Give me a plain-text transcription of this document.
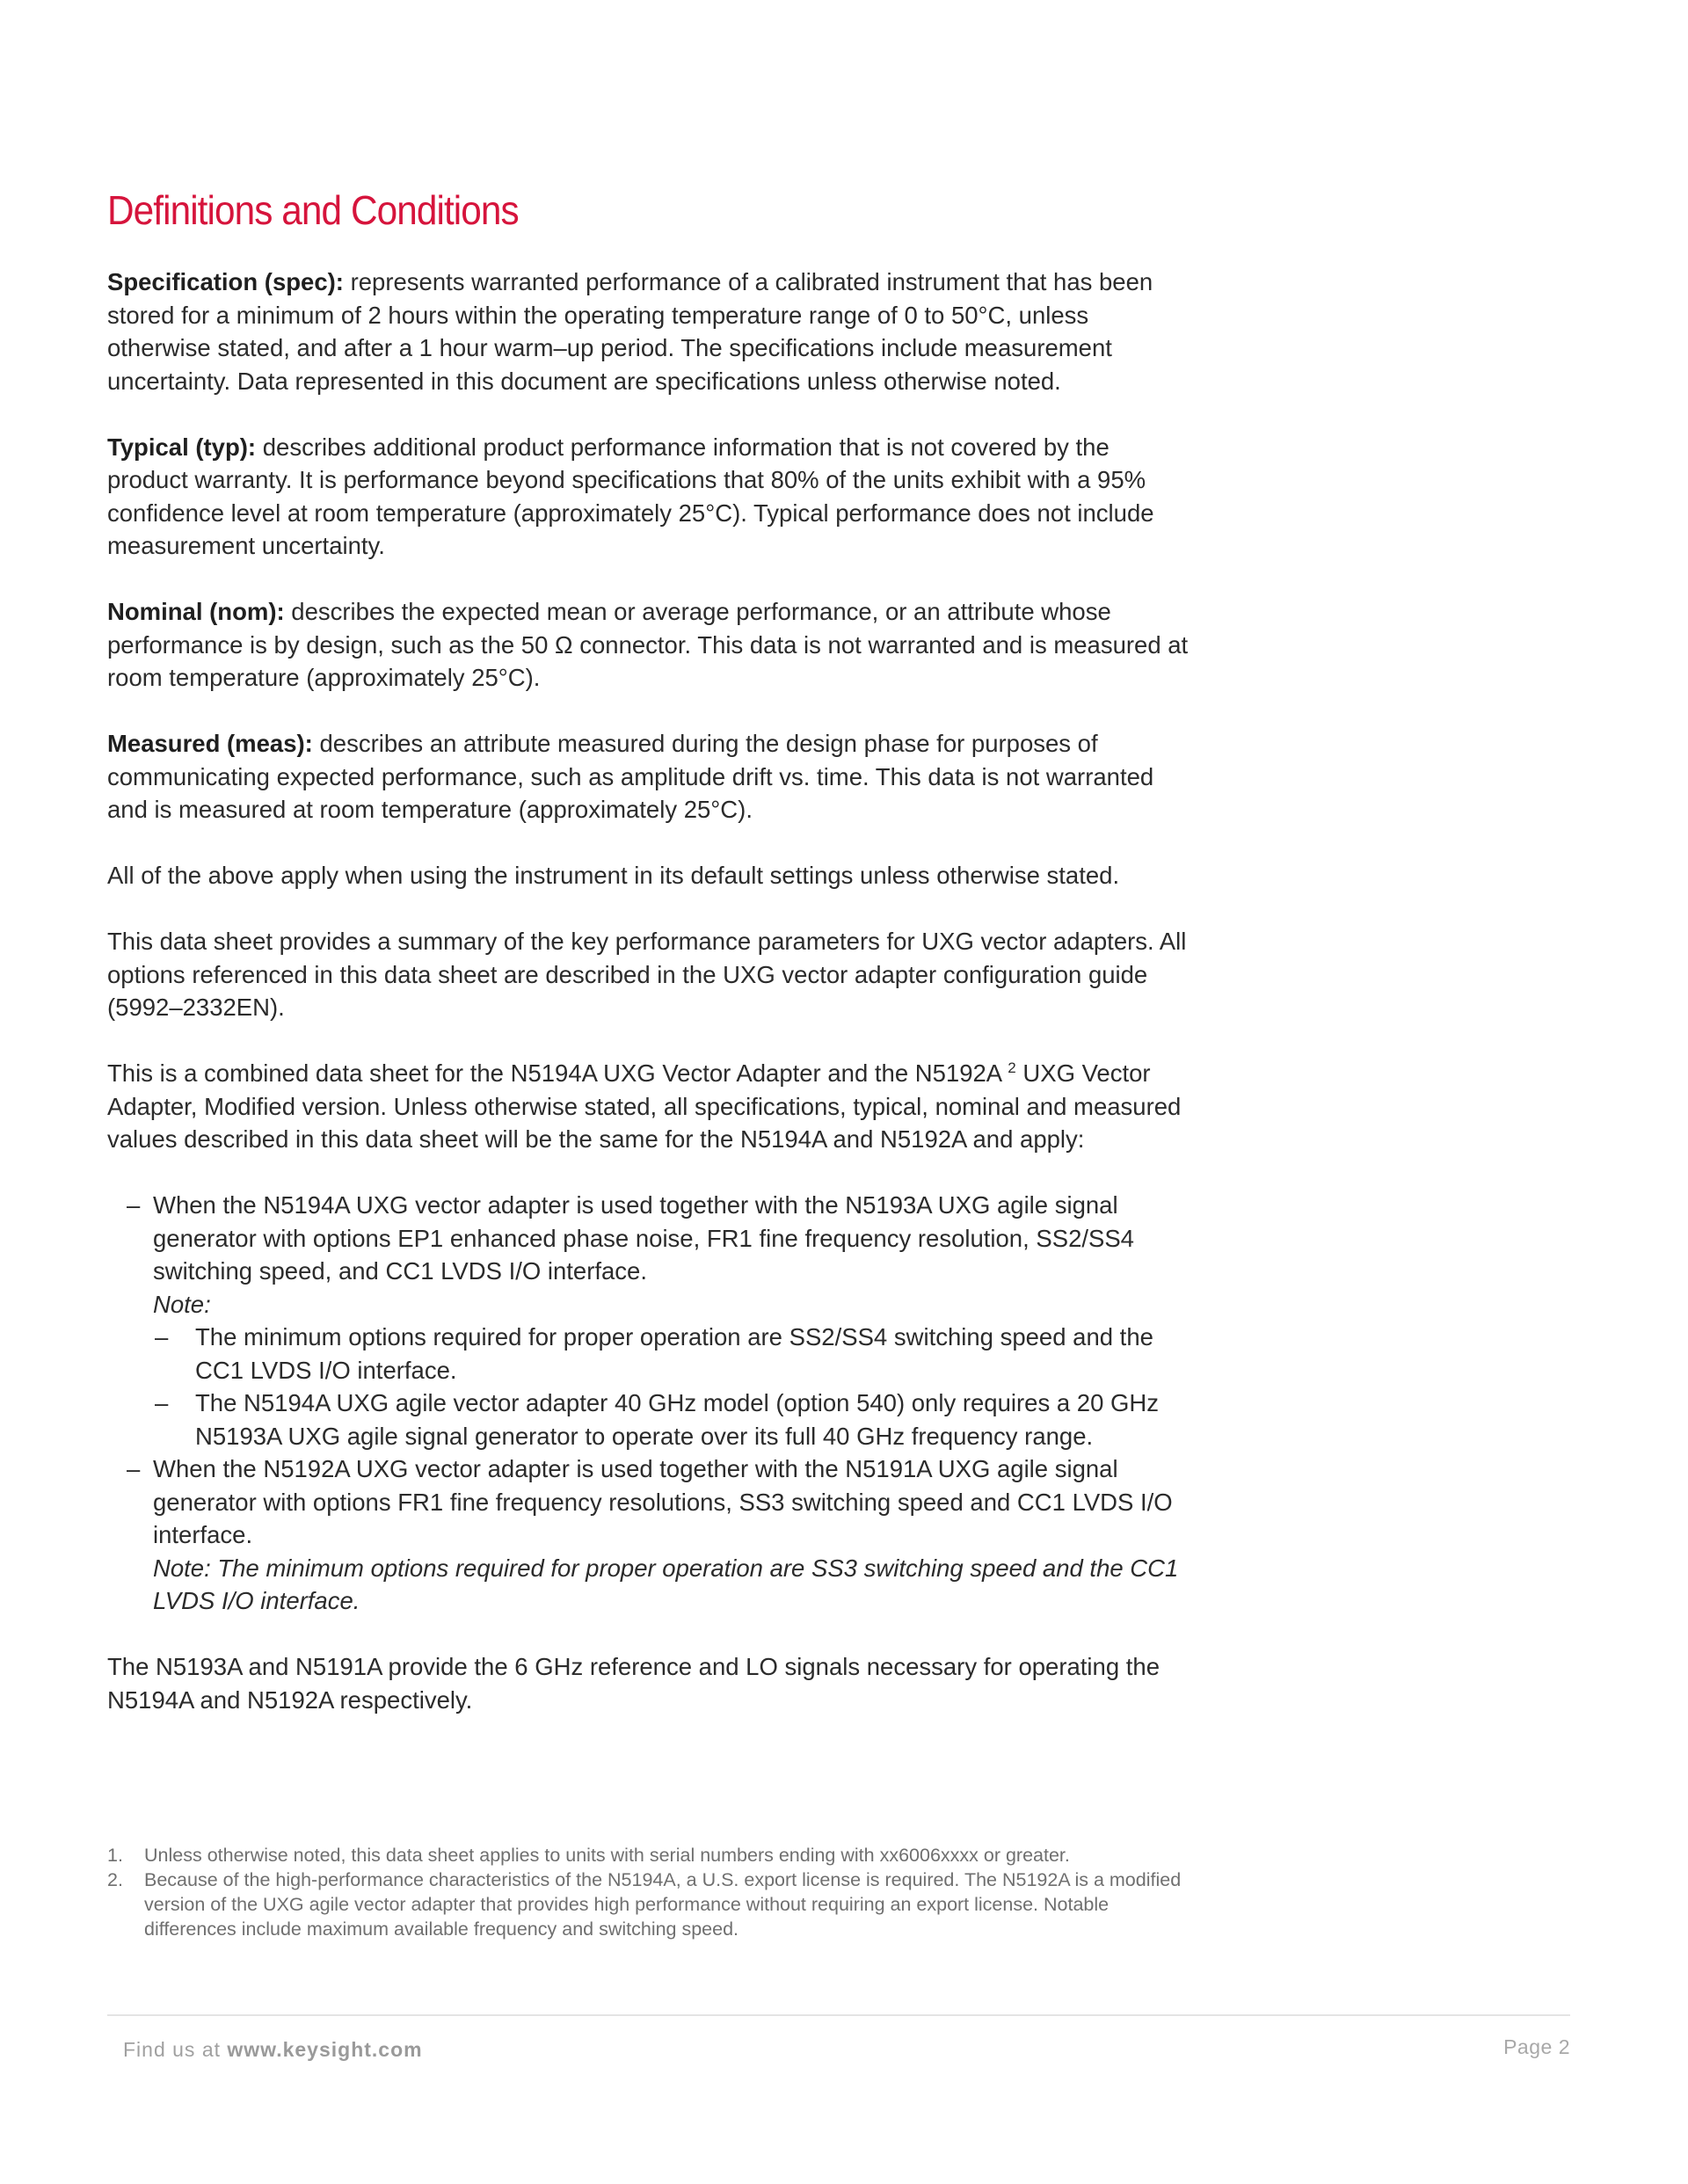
Definitions and Conditions

Specification (spec): represents warranted performance of a calibrated instrument that has been stored for a minimum of 2 hours within the operating temperature range of 0 to 50°C, unless otherwise stated, and after a 1 hour warm–up period. The specifications include measurement uncertainty. Data represented in this document are specifications unless otherwise noted.

Typical (typ): describes additional product performance information that is not covered by the product warranty. It is performance beyond specifications that 80% of the units exhibit with a 95% confidence level at room temperature (approximately 25°C). Typical performance does not include measurement uncertainty.

Nominal (nom): describes the expected mean or average performance, or an attribute whose performance is by design, such as the 50 Ω connector. This data is not warranted and is measured at room temperature (approximately 25°C).

Measured (meas): describes an attribute measured during the design phase for purposes of communicating expected performance, such as amplitude drift vs. time. This data is not warranted and is measured at room temperature (approximately 25°C).

All of the above apply when using the instrument in its default settings unless otherwise stated.

This data sheet provides a summary of the key performance parameters for UXG vector adapters. All options referenced in this data sheet are described in the UXG vector adapter configuration guide (5992–2332EN).

This is a combined data sheet for the N5194A UXG Vector Adapter and the N5192A $^2$ UXG Vector Adapter, Modified version. Unless otherwise stated, all specifications, typical, nominal and measured values described in this data sheet will be the same for the N5194A and N5192A and apply:

– When the N5194A UXG vector adapter is used together with the N5193A UXG agile signal generator with options EP1 enhanced phase noise, FR1 fine frequency resolution, SS2/SS4 switching speed, and CC1 LVDS I/O interface.
Note:
– The minimum options required for proper operation are SS2/SS4 switching speed and the CC1 LVDS I/O interface.
– The N5194A UXG agile vector adapter 40 GHz model (option 540) only requires a 20 GHz N5193A UXG agile signal generator to operate over its full 40 GHz frequency range.
– When the N5192A UXG vector adapter is used together with the N5191A UXG agile signal generator with options FR1 fine frequency resolutions, SS3 switching speed and CC1 LVDS I/O interface.
Note: The minimum options required for proper operation are SS3 switching speed and the CC1 LVDS I/O interface.

The N5193A and N5191A provide the 6 GHz reference and LO signals necessary for operating the N5194A and N5192A respectively.

1. Unless otherwise noted, this data sheet applies to units with serial numbers ending with xx6006xxxx or greater.
2. Because of the high-performance characteristics of the N5194A, a U.S. export license is required. The N5192A is a modified version of the UXG agile vector adapter that provides high performance without requiring an export license. Notable differences include maximum available frequency and switching speed.
Find us at www.keysight.com	Page 2
